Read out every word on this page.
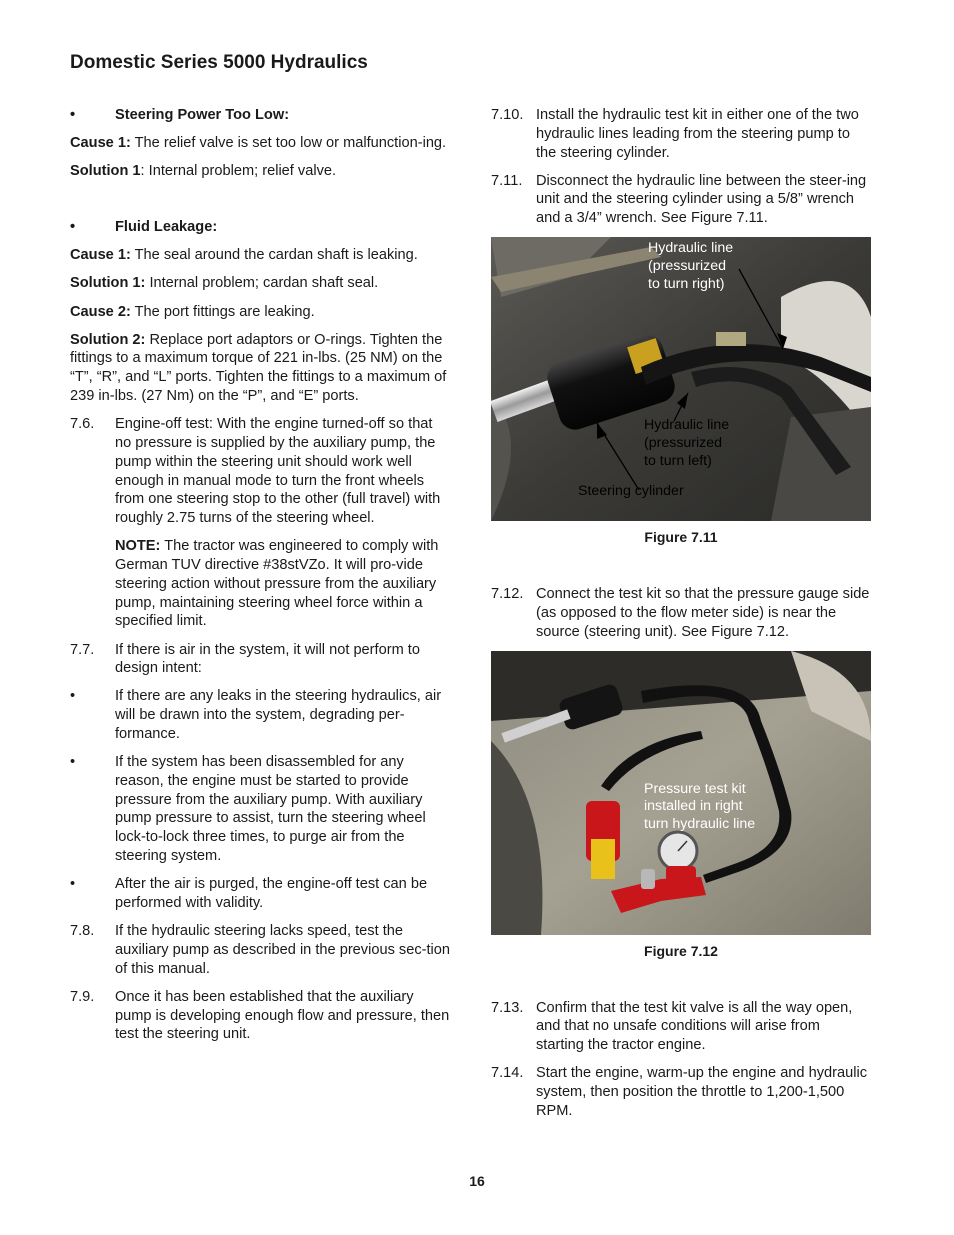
Domestic Series 5000 Hydraulics
•	Steering Power Too Low:
Cause 1: The relief valve is set too low or malfunction-ing.
Solution 1: Internal problem; relief valve.
•	Fluid Leakage:
Cause 1: The seal around the cardan shaft is leaking.
Solution 1: Internal problem; cardan shaft seal.
Cause 2: The port fittings are leaking.
Solution 2: Replace port adaptors or O-rings. Tighten the fittings to a maximum torque of 221 in-lbs. (25 NM) on the “T”, “R”, and “L” ports. Tighten the fittings to a maximum of 239 in-lbs. (27 Nm) on the “P”, and “E” ports.
7.6.	Engine-off test: With the engine turned-off so that no pressure is supplied by the auxiliary pump, the pump within the steering unit should work well enough in manual mode to turn the front wheels from one steering stop to the other (full travel) with roughly 2.75 turns of the steering wheel.
NOTE: The tractor was engineered to comply with German TUV directive #38stVZo. It will pro-vide steering action without pressure from the auxiliary pump, maintaining steering wheel force within a specified limit.
7.7.	If there is air in the system, it will not perform to design intent:
•	If there are any leaks in the steering hydraulics, air will be drawn into the system, degrading per-formance.
•	If the system has been disassembled for any reason, the engine must be started to provide pressure from the auxiliary pump. With auxiliary pump pressure to assist, turn the steering wheel lock-to-lock three times, to purge air from the steering system.
•	After the air is purged, the engine-off test can be performed with validity.
7.8.	If the hydraulic steering lacks speed, test the auxiliary pump as described in the previous sec-tion of this manual.
7.9.	Once it has been established that the auxiliary pump is developing enough flow and pressure, then test the steering unit.
7.10. Install the hydraulic test kit in either one of the two hydraulic lines leading from the steering pump to the steering cylinder.
7.11. Disconnect the hydraulic line between the steer-ing unit and the steering cylinder using a 5/8” wrench and a 3/4” wrench. See Figure 7.11.
Hydraulic line
(pressurized
to turn right)
Hydraulic line
(pressurized
to turn left)
Steering cylinder
Figure 7.11
7.12. Connect the test kit so that the pressure gauge side (as opposed to the flow meter side) is near the source (steering unit). See Figure 7.12.
Pressure test kit
installed in right
turn hydraulic line
Figure 7.12
7.13. Confirm that the test kit valve is all the way open, and that no unsafe conditions will arise from starting the tractor engine.
7.14. Start the engine, warm-up the engine and hydraulic system, then position the throttle to 1,200-1,500 RPM.
16
